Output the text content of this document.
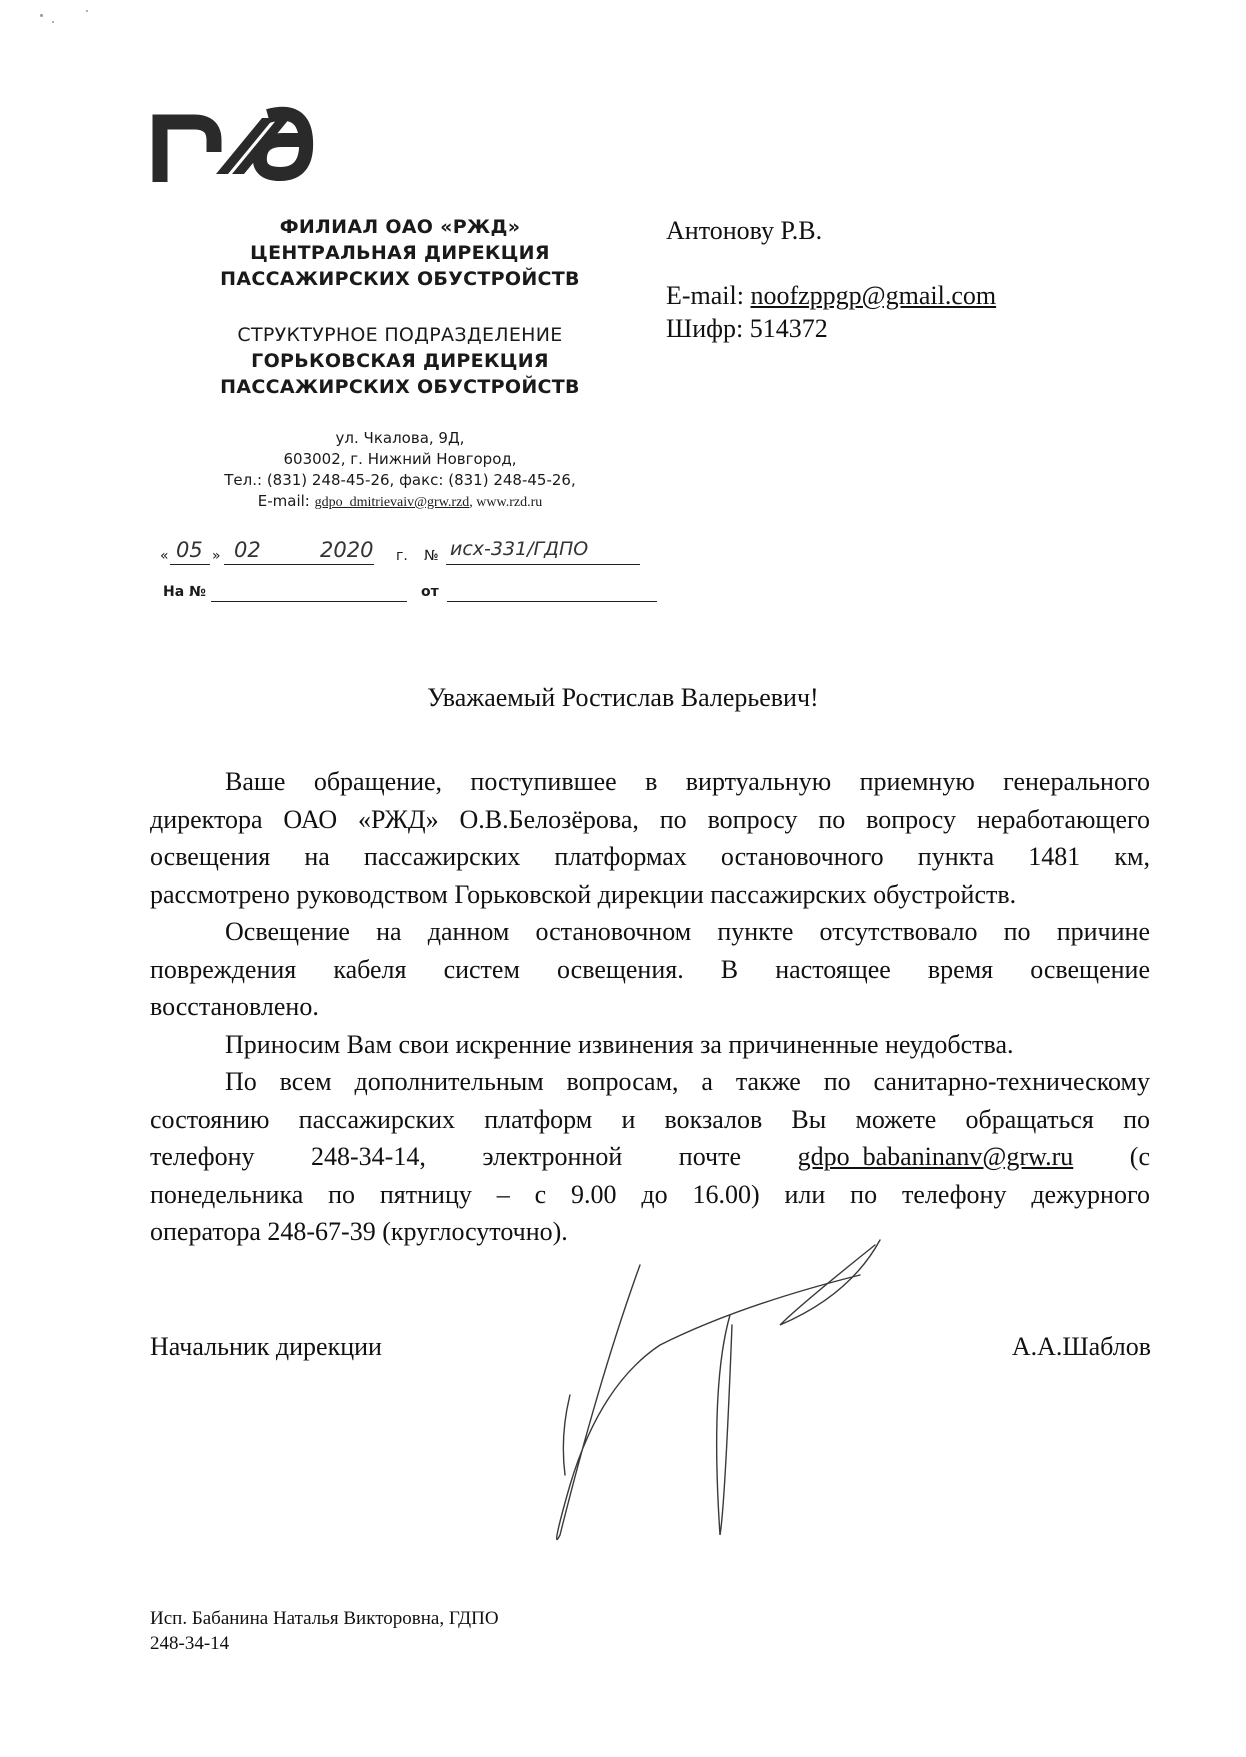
ФИЛИАЛ ОАО «РЖД»
ЦЕНТРАЛЬНАЯ ДИРЕКЦИЯ
ПАССАЖИРСКИХ ОБУСТРОЙСТВ
СТРУКТУРНОЕ ПОДРАЗДЕЛЕНИЕ
ГОРЬКОВСКАЯ ДИРЕКЦИЯ
ПАССАЖИРСКИХ ОБУСТРОЙСТВ
ул. Чкалова, 9Д,
603002, г. Нижний Новгород,
Тел.: (831) 248-45-26, факс: (831) 248-45-26,
E-mail: gdpo_dmitrievaiv@grw.rzd, www.rzd.ru
« 05 » 02	2020 г. № исх-331/ГДПО
На №	от
Антонову Р.В.
E-mail: noofzppgp@gmail.com
Шифр: 514372
Уважаемый Ростислав Валерьевич!
Ваше обращение, поступившее в виртуальную приемную генерального
директора ОАО «РЖД» О.В.Белозёрова, по вопросу по вопросу неработающего
освещения на пассажирских платформах остановочного пункта 1481 км,
рассмотрено руководством Горьковской дирекции пассажирских обустройств.
Освещение на данном остановочном пункте отсутствовало по причине
повреждения кабеля систем освещения. В настоящее время освещение
восстановлено.
Приносим Вам свои искренние извинения за причиненные неудобства.
По всем дополнительным вопросам, а также по санитарно-техническому
состоянию пассажирских платформ и вокзалов Вы можете обращаться по
телефону 248-34-14, электронной почте gdpo_babaninanv@grw.ru (с
понедельника по пятницу – с 9.00 до 16.00) или по телефону дежурного
оператора 248-67-39 (круглосуточно).
Начальник дирекции	А.А.Шаблов
Исп. Бабанина Наталья Викторовна, ГДПО
248-34-14
